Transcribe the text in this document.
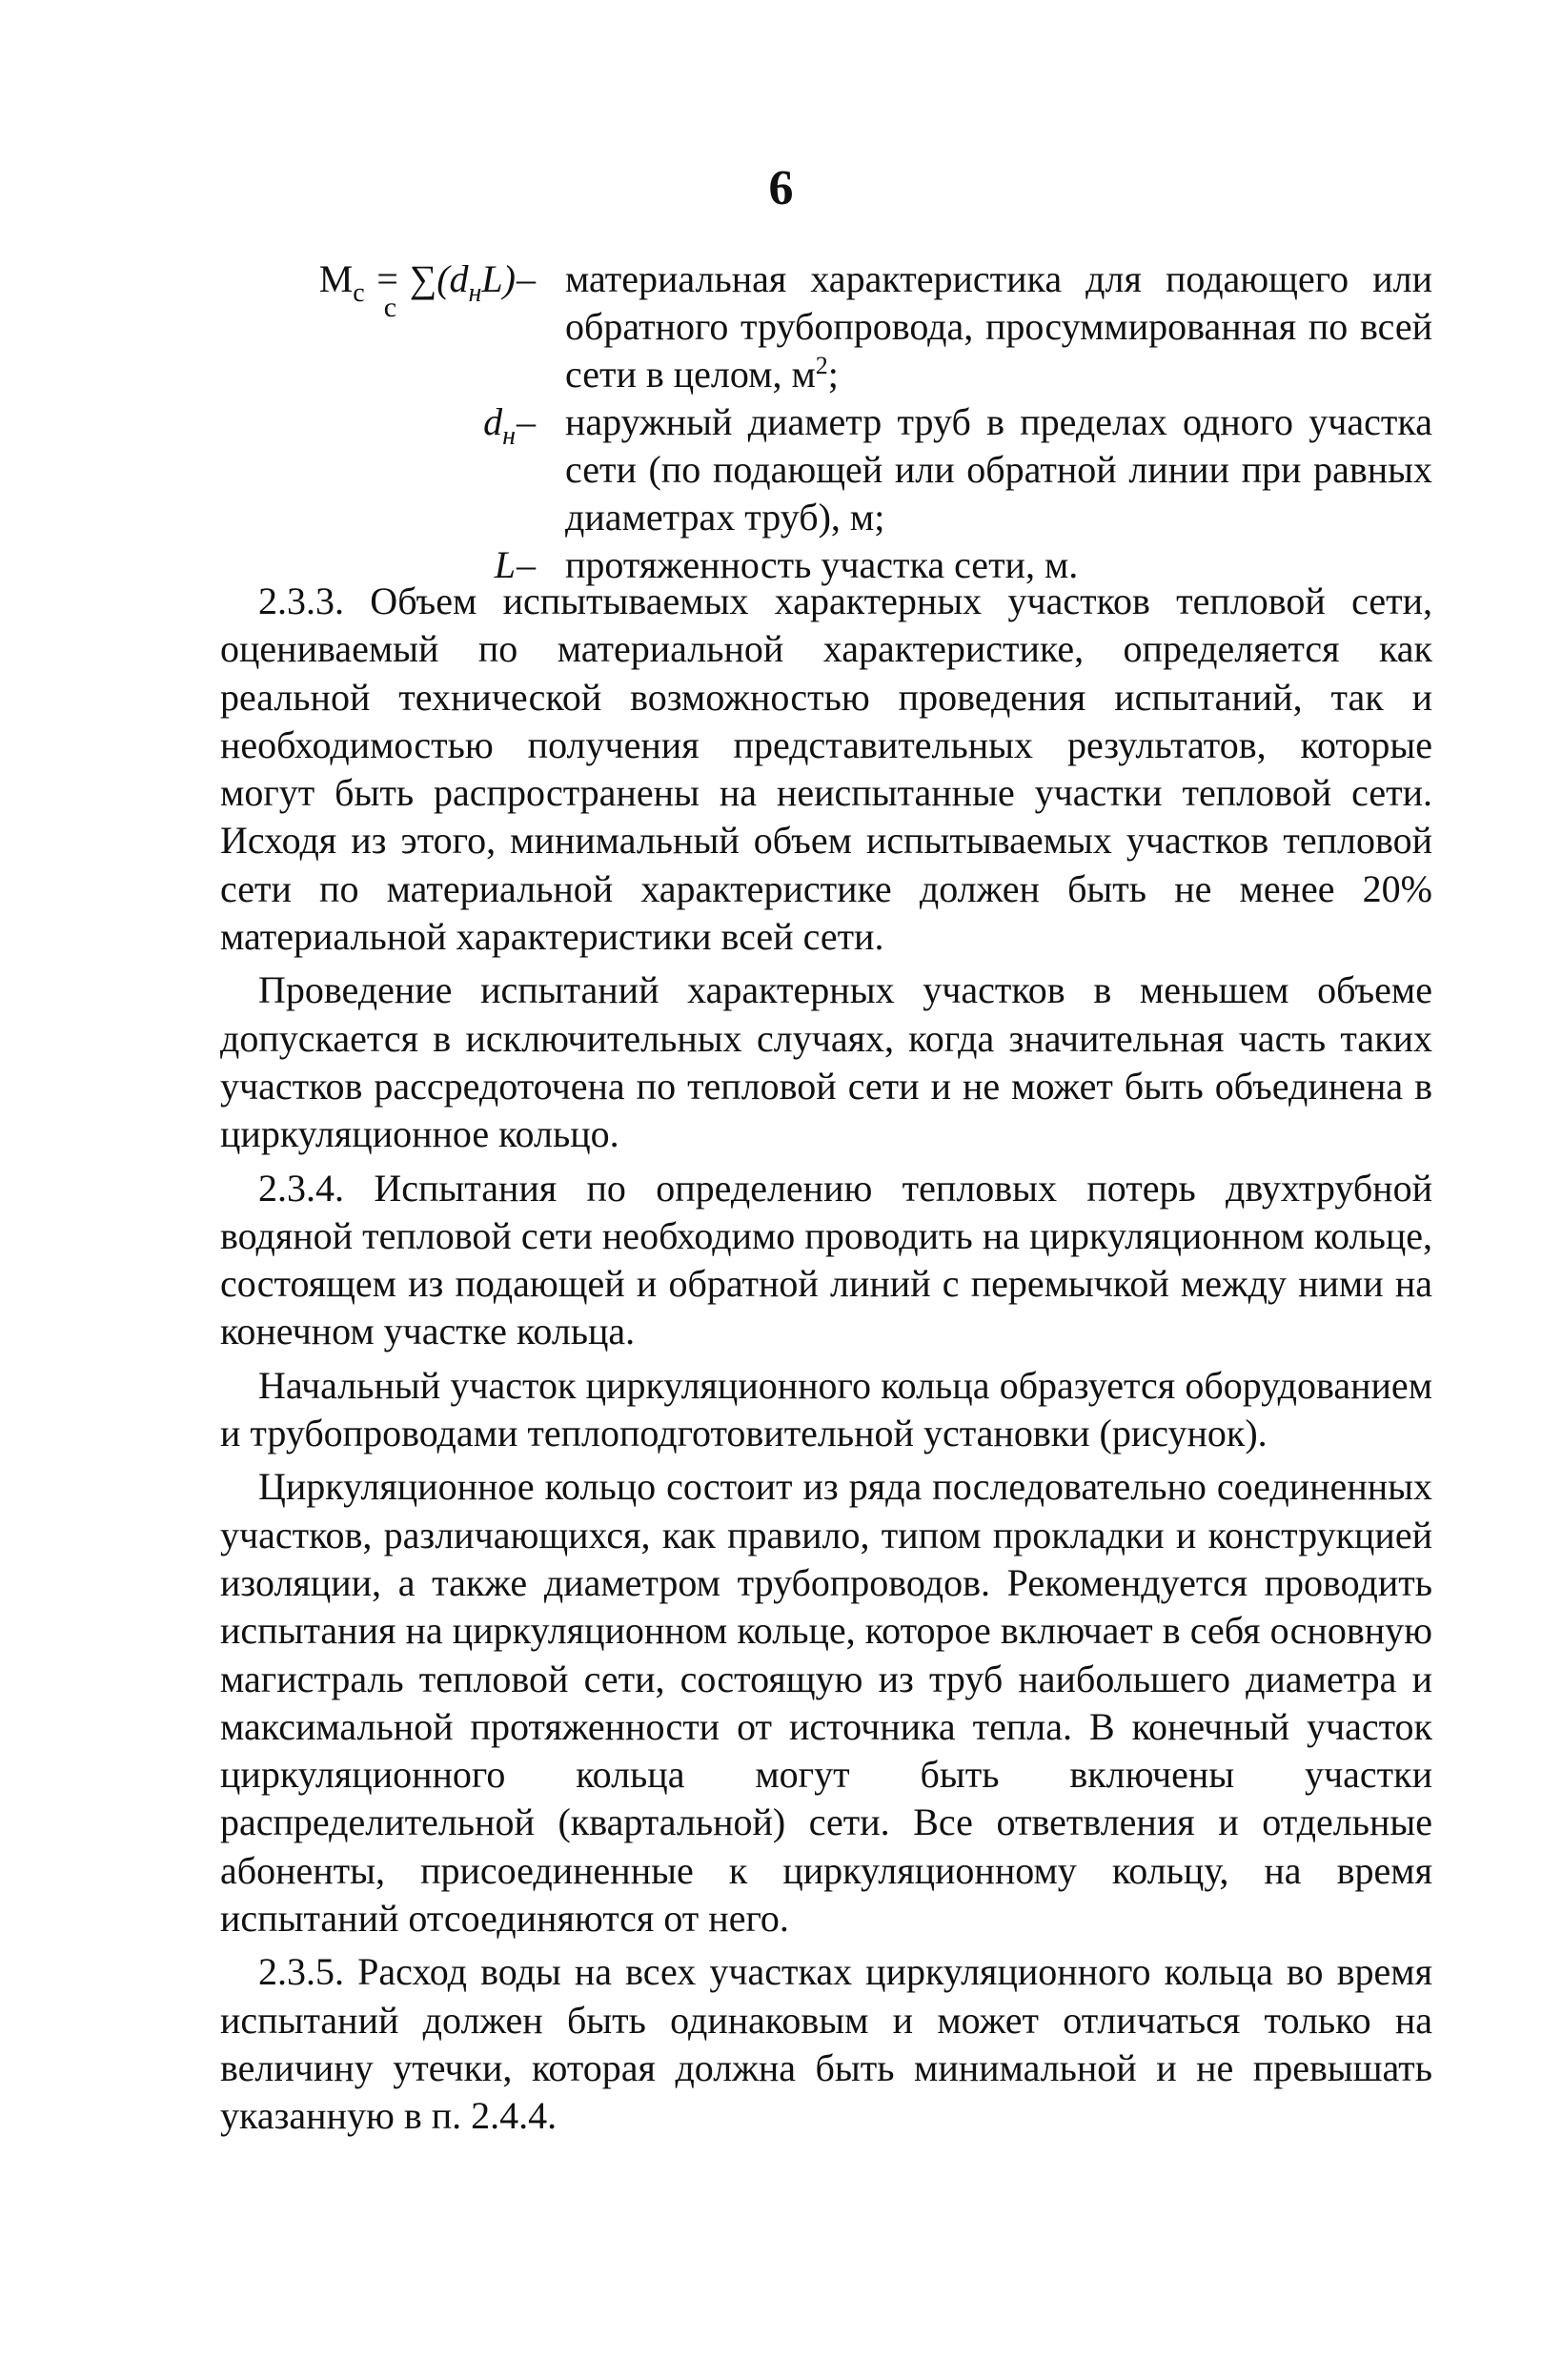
6
$М_с = \sum(d$
с	$_н$L) – материальная характеристика для подающего или обратного трубопровода, просуммированная по всей сети в целом, $м^2$;
$d_н$ – наружный диаметр труб в пределах одного участка сети (по подающей или обратной линии при равных диаметрах труб), м;
L – протяженность участка сети, м.

2.3.3. Объем испытываемых характерных участков тепловой сети, оцениваемый по материальной характеристике, определяется как реальной технической возможностью проведения испытаний, так и необходимостью получения представительных результатов, которые могут быть распространены на неиспытанные участки тепловой сети. Исходя из этого, минимальный объем испытываемых участков тепловой сети по материальной характеристике должен быть не менее 20% материальной характеристики всей сети.

Проведение испытаний характерных участков в меньшем объеме допускается в исключительных случаях, когда значительная часть таких участков рассредоточена по тепловой сети и не может быть объединена в циркуляционное кольцо.

2.3.4. Испытания по определению тепловых потерь двухтрубной водяной тепловой сети необходимо проводить на циркуляционном кольце, состоящем из подающей и обратной линий с перемычкой между ними на конечном участке кольца.

Начальный участок циркуляционного кольца образуется оборудованием и трубопроводами теплоподготовительной установки (рисунок).

Циркуляционное кольцо состоит из ряда последовательно соединенных участков, различающихся, как правило, типом прокладки и конструкцией изоляции, а также диаметром трубопроводов. Рекомендуется проводить испытания на циркуляционном кольце, которое включает в себя основную магистраль тепловой сети, состоящую из труб наибольшего диаметра и максимальной протяженности от источника тепла. В конечный участок циркуляционного кольца могут быть включены участки распределительной (квартальной) сети. Все ответвления и отдельные абоненты, присоединенные к циркуляционному кольцу, на время испытаний отсоединяются от него.

2.3.5. Расход воды на всех участках циркуляционного кольца во время испытаний должен быть одинаковым и может отличаться только на величину утечки, которая должна быть минимальной и не превышать указанную в п. 2.4.4.
